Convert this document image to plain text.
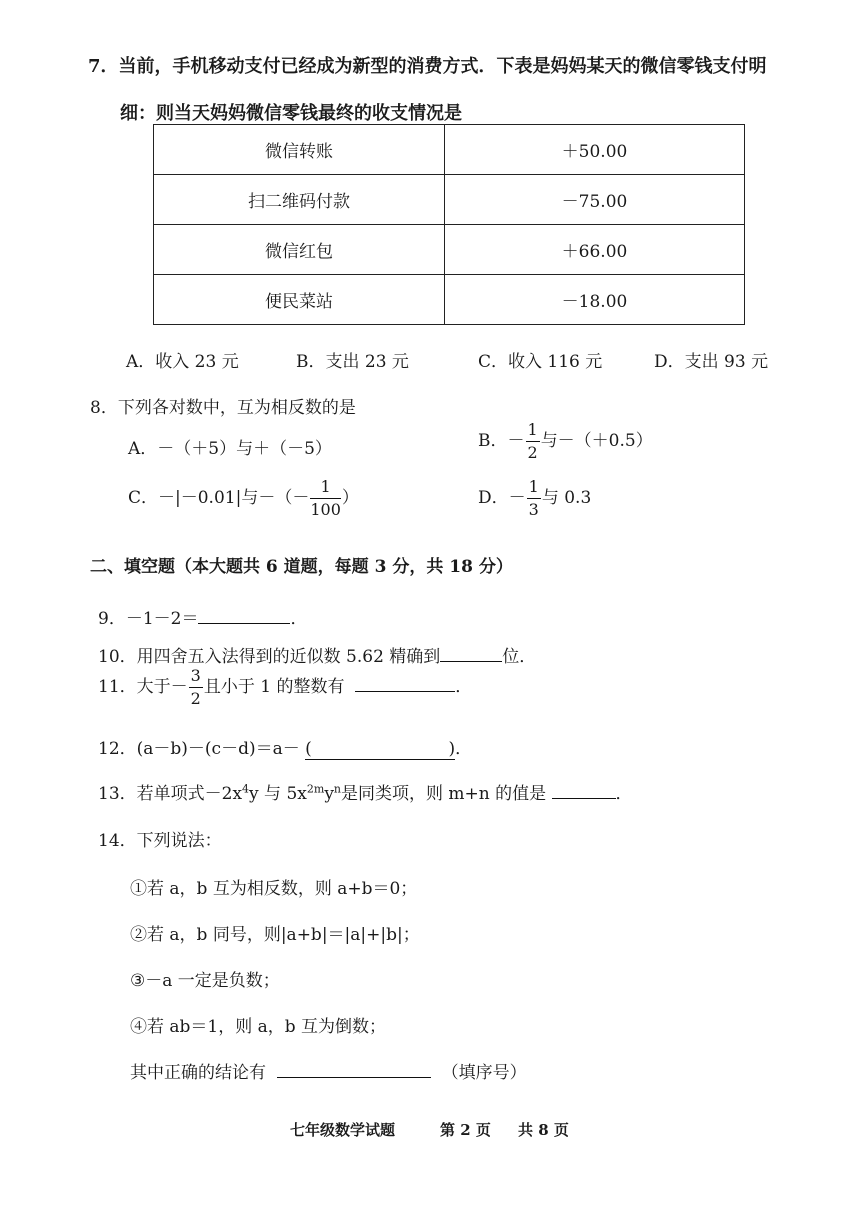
7．当前，手机移动支付已经成为新型的消费方式．下表是妈妈某天的微信零钱支付明
细：则当天妈妈微信零钱最终的收支情况是
微信转账	＋50.00
扫二维码付款	－75.00
微信红包	＋66.00
便民菜站	－18.00
A．收入 23 元	B．支出 23 元	C．收入 116 元	D．支出 93 元
8．下列各对数中，互为相反数的是
A．－（＋5）与＋（－5）	B．－ $\frac{1}{2}$ 与－（＋0.5）
C．－|－0.01|与－（－ $\frac{1}{100}$ ）	D．－ $\frac{1}{3}$ 与 0.3
二、填空题（本大题共 6 道题，每题 3 分，共 18 分）
9．－1－2＝	．
10．用四舍五入法得到的近似数 5.62 精确到	位．
11．大于－ $\frac{3}{2}$ 且小于 1 的整数有	．
12．(a－b)－(c－d)＝a－ (	) ．
13．若单项式$-2x^4y$ 与 $5x^{2m}y^n$是同类项，则 m+n 的值是	．
14．下列说法：
①若 a，b 互为相反数，则 a+b＝0；
②若 a，b 同号，则|a+b|＝|a|+|b|；
③－a 一定是负数；
④若 ab＝1，则 a，b 互为倒数；
其中正确的结论有	（填序号）
七年级数学试题	第 2 页 共 8 页
